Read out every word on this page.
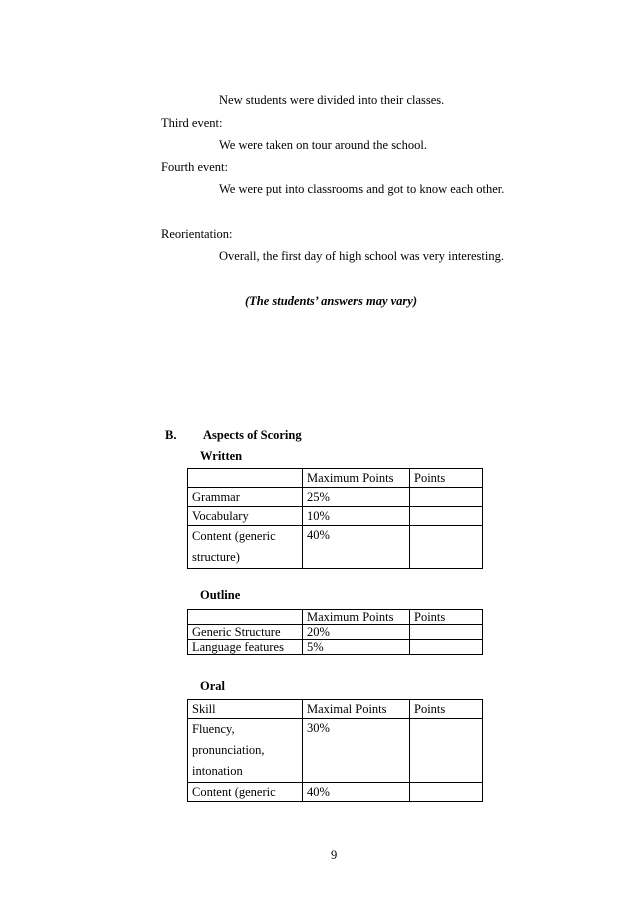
New students were divided into their classes.
Third event:
We were taken on tour around the school.
Fourth event:
We were put into classrooms and got to know each other.
Reorientation:
Overall, the first day of high school was very interesting.
(The students’ answers may vary)
B. Aspects of Scoring
Written
	Maximum Points	Points
Grammar	25%	
Vocabulary	10%	
Content (generic structure)	40%	
Outline
	Maximum Points	Points
Generic Structure	20%	
Language features	5%	
Oral
Skill	Maximal Points	Points
Fluency, pronunciation, intonation	30%	
Content (generic	40%	
9
